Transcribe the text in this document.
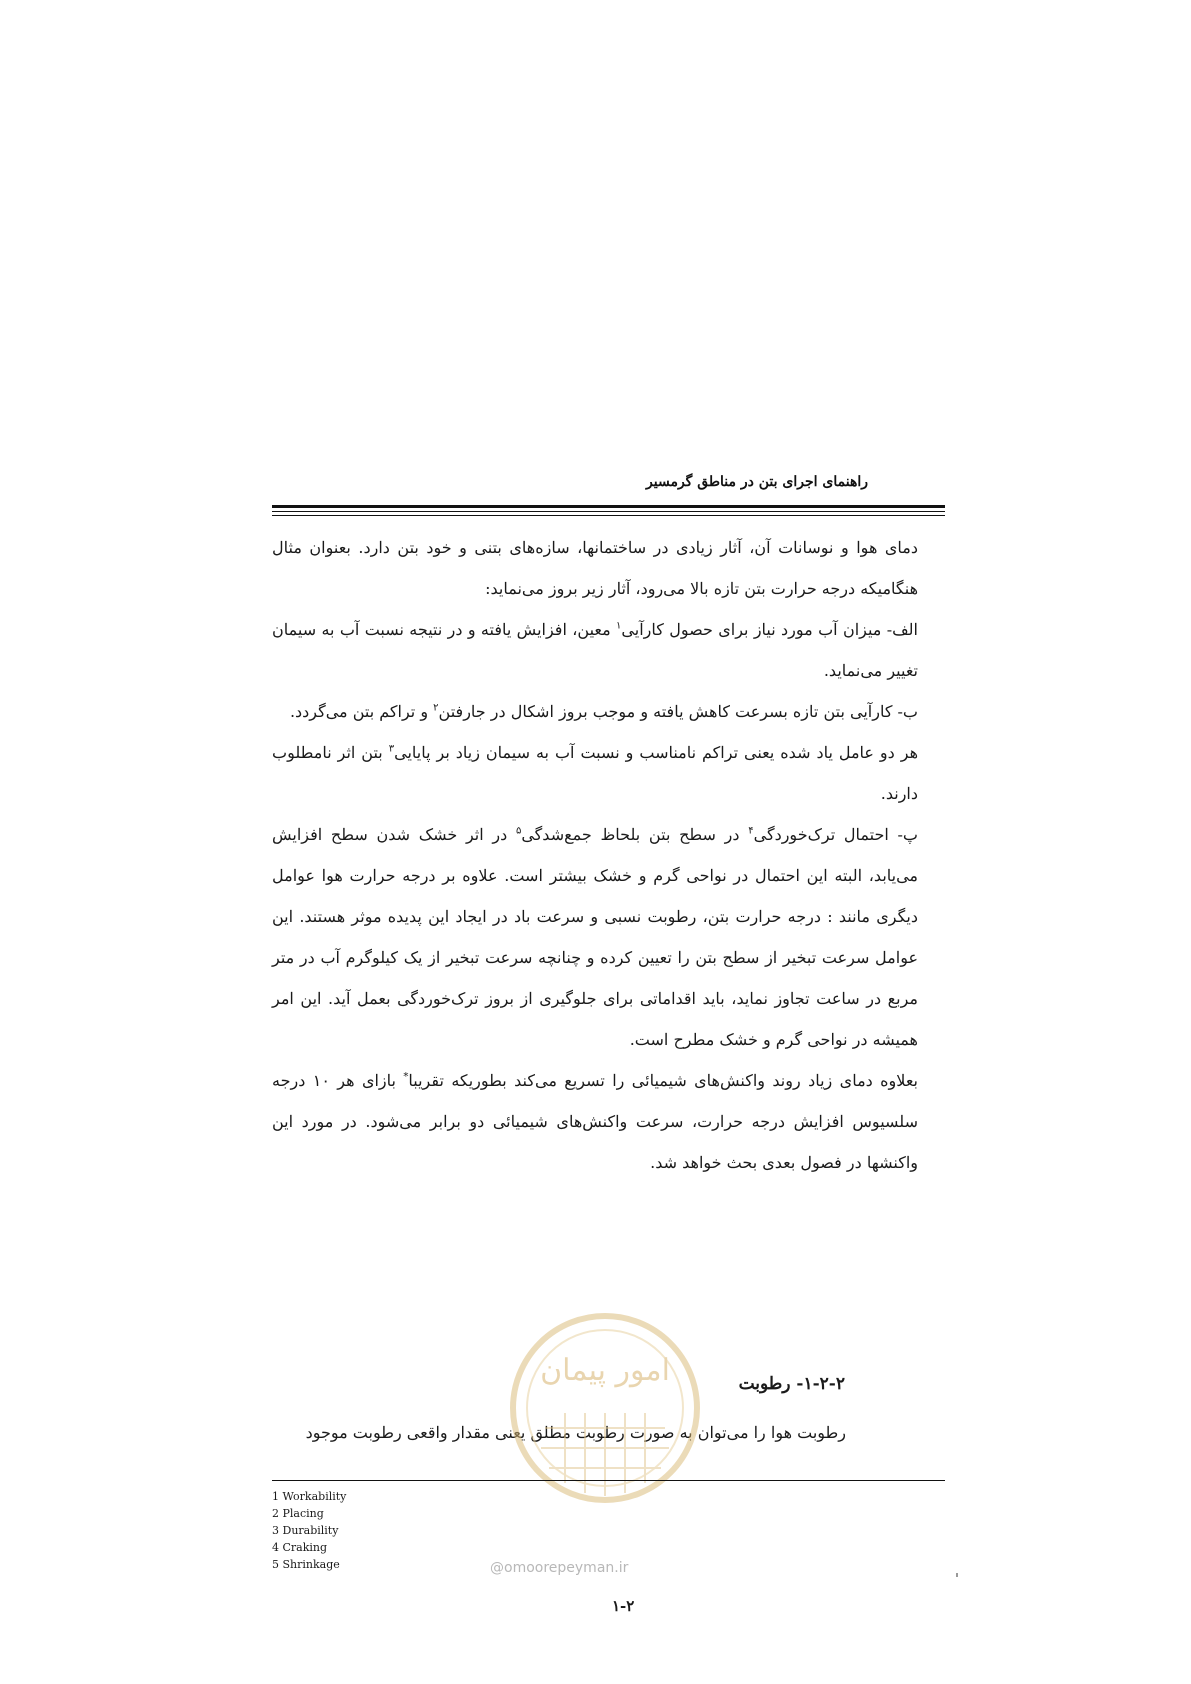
راهنمای اجرای بتن در مناطق گرمسیر

دمای هوا و نوسانات آن، آثار زیادی در ساختمانها، سازه‌های بتنی و خود بتن دارد. بعنوان مثال هنگامیکه درجه حرارت بتن تازه بالا می‌رود، آثار زیر بروز می‌نماید:

الف- میزان آب مورد نیاز برای حصول کارآیی$^۱$ معین، افزایش یافته و در نتیجه نسبت آب به سیمان تغییر می‌نماید.

ب- کارآیی بتن تازه بسرعت کاهش یافته و موجب بروز اشکال در جارفتن$^۲$ و تراکم بتن می‌گردد.

هر دو عامل یاد شده یعنی تراکم نامناسب و نسبت آب به سیمان زیاد بر پایایی$^۳$ بتن اثر نامطلوب دارند.

پ- احتمال ترک‌خوردگی$^۴$ در سطح بتن بلحاظ جمع‌شدگی$^۵$ در اثر خشک شدن سطح افزایش می‌یابد، البته این احتمال در نواحی گرم و خشک بیشتر است. علاوه بر درجه حرارت هوا عوامل دیگری مانند : درجه حرارت بتن، رطوبت نسبی و سرعت باد در ایجاد این پدیده موثر هستند. این عوامل سرعت تبخیر از سطح بتن را تعیین کرده و چنانچه سرعت تبخیر از یک کیلوگرم آب در متر مربع در ساعت تجاوز نماید، باید اقداماتی برای جلوگیری از بروز ترک‌خوردگی بعمل آید. این امر همیشه در نواحی گرم و خشک مطرح است.

بعلاوه دمای زیاد روند واکنش‌های شیمیائی را تسریع می‌کند بطوریکه تقریبا* بازای هر ۱۰ درجه سلسیوس افزایش درجه حرارت، سرعت واکنش‌های شیمیائی دو برابر می‌شود. در مورد این واکنشها در فصول بعدی بحث خواهد شد.

۱-۲-۲- رطوبت
رطوبت هوا را می‌توان به صورت رطوبت مطلق یعنی مقدار واقعی رطوبت موجود
امور پیمان
@omoorepeyman.ir
1 Workability
2 Placing
3 Durability
4 Craking
5 Shrinkage
۱-۲
